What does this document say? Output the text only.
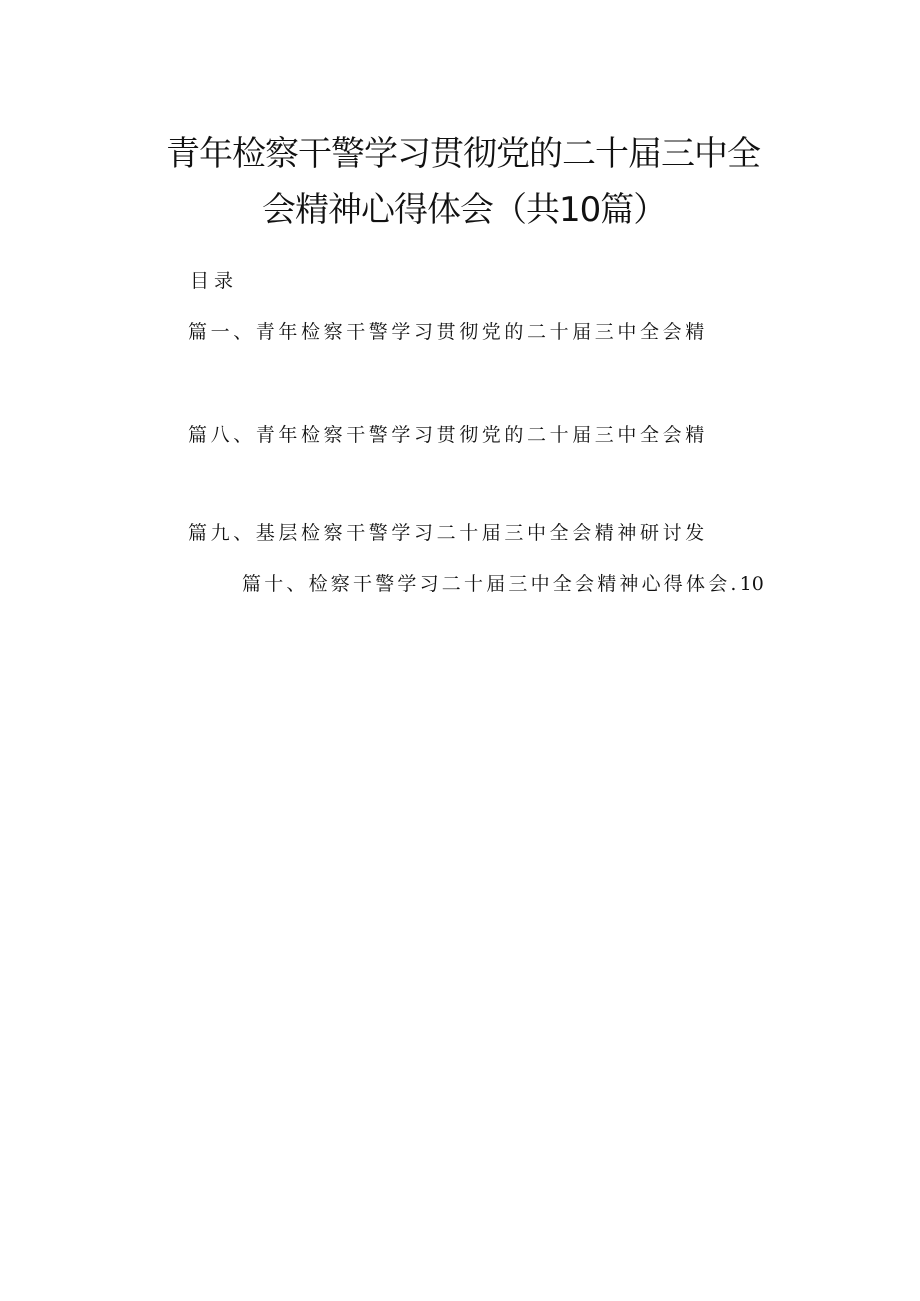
青年检察干警学习贯彻党的二十届三中全
会精神心得体会（共10篇）
目录
篇一、青年检察干警学习贯彻党的二十届三中全会精
篇八、青年检察干警学习贯彻党的二十届三中全会精
篇九、基层检察干警学习二十届三中全会精神研讨发
篇十、检察干警学习二十届三中全会精神心得体会.10
